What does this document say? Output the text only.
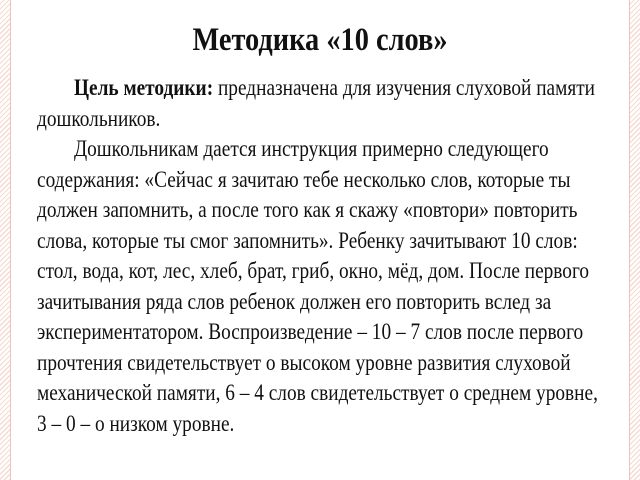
Методика «10 слов»
Цель методики: предназначена для изучения слуховой памяти
дошкольников.
Дошкольникам дается инструкция примерно следующего
содержания: «Сейчас я зачитаю тебе несколько слов, которые ты
должен запомнить, а после того как я скажу «повтори» повторить
слова, которые ты смог запомнить». Ребенку зачитывают 10 слов:
стол, вода, кот, лес, хлеб, брат, гриб, окно, мёд, дом. После первого
зачитывания ряда слов ребенок должен его повторить вслед за
экспериментатором. Воспроизведение – 10 – 7 слов после первого
прочтения свидетельствует о высоком уровне развития слуховой
механической памяти, 6 – 4 слов свидетельствует о среднем уровне,
3 – 0 – о низком уровне.
